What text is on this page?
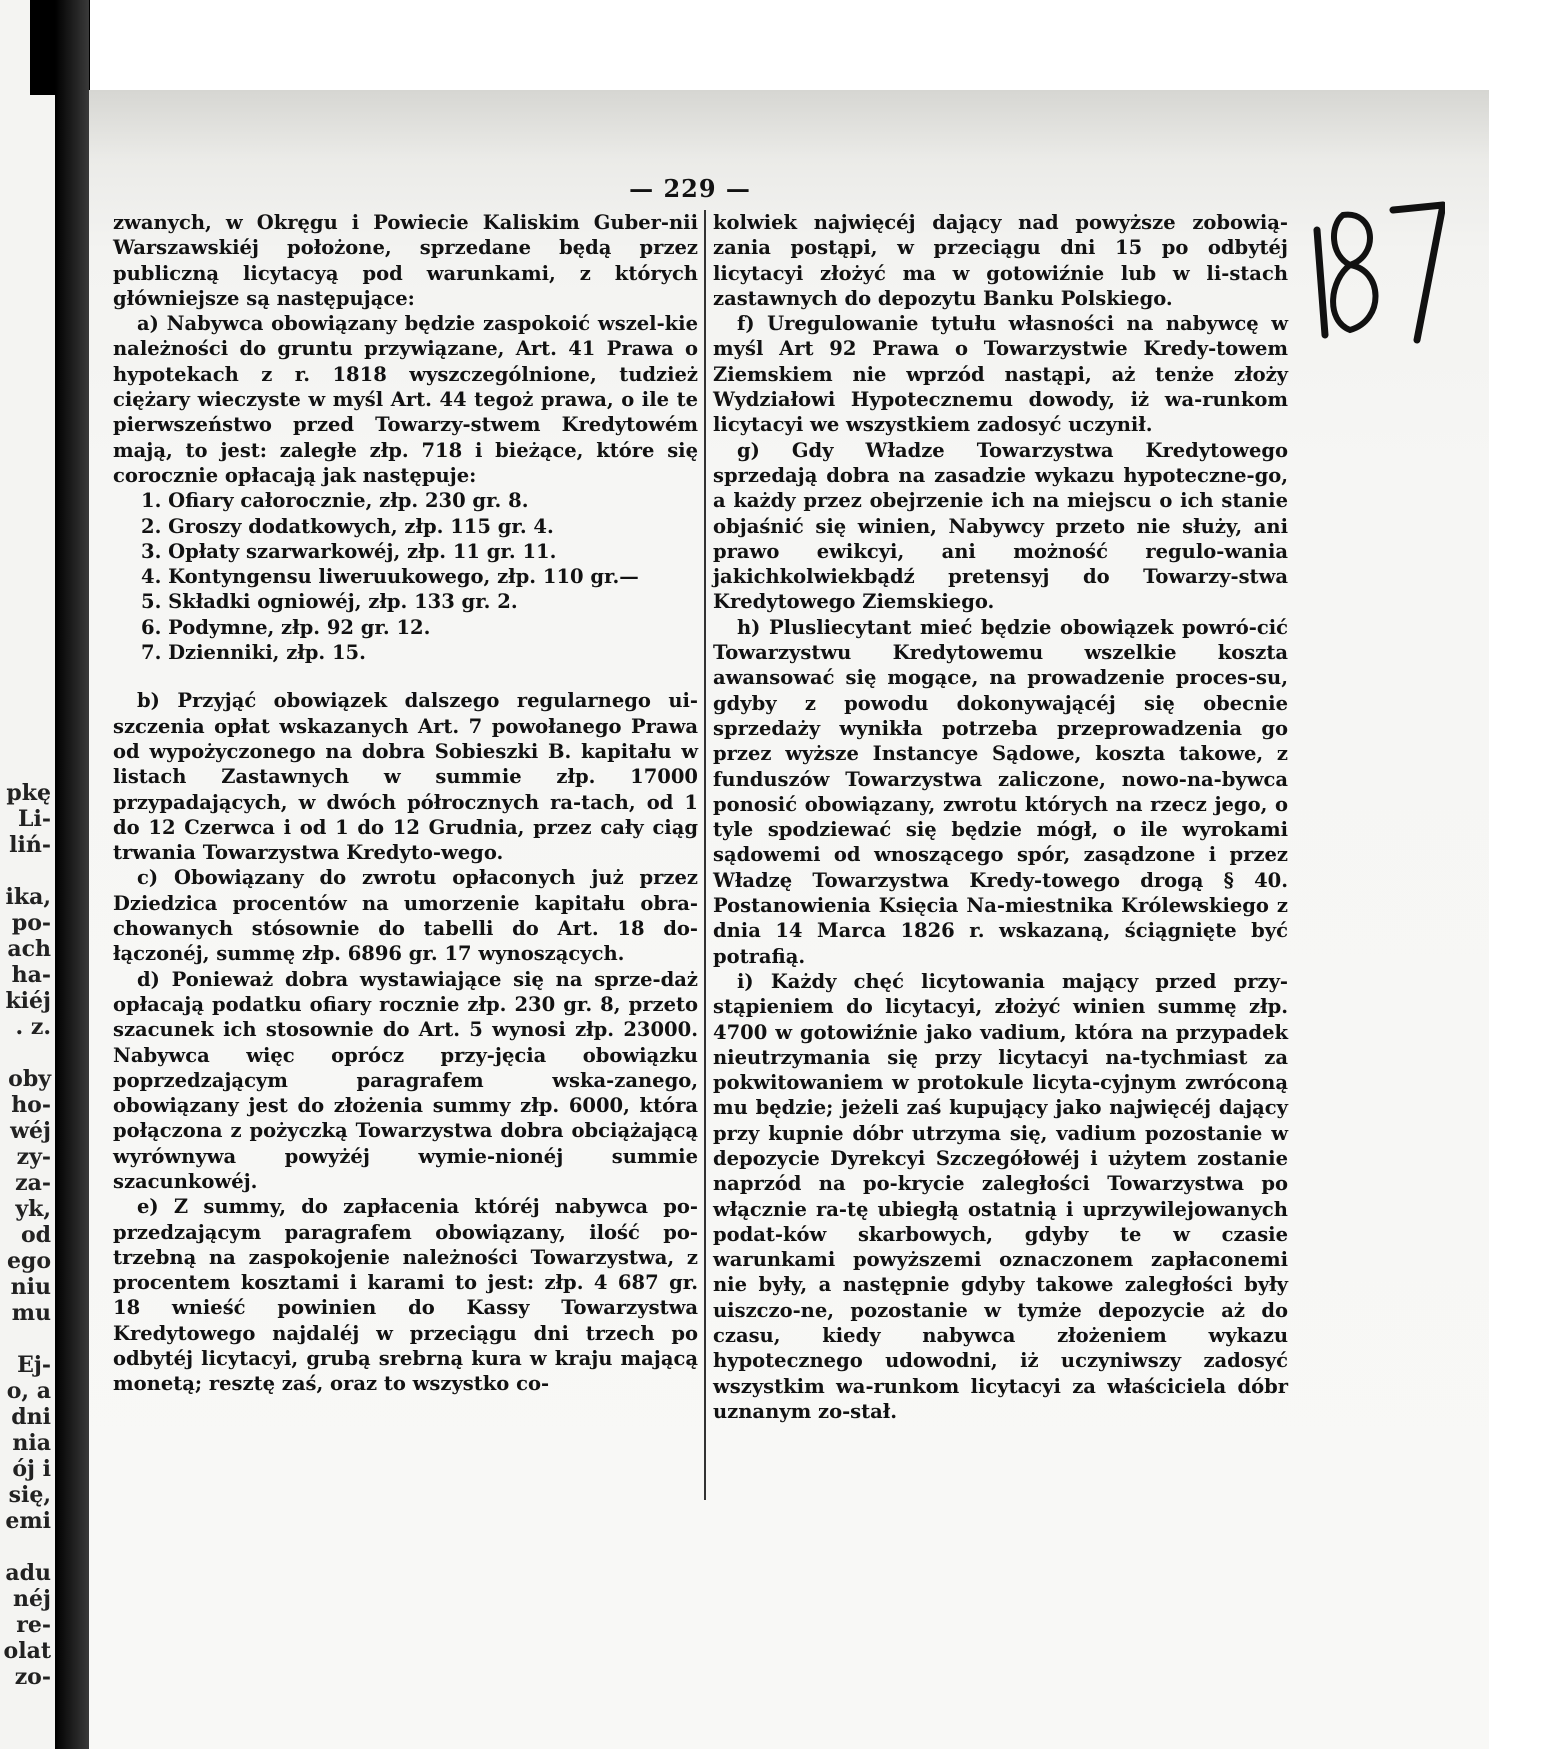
pkę
Li-
liń-
ika,
po-
ach
ha-
kiéj
. z.
oby
ho-
wéj
zy-
za-
yk,
od
ego
niu
mu
Ej-
o, a
dni
nia
ój i
się,
emi
adu
néj
re-
olat
zo-
— 229 —

zwanych, w Okręgu i Powiecie Kaliskim Guber-nii Warszawskiéj położone, sprzedane będą przez publiczną licytacyą pod warunkami, z których główniejsze są następujące:

a) Nabywca obowiązany będzie zaspokoić wszel-kie należności do gruntu przywiązane, Art. 41 Prawa o hypotekach z r. 1818 wyszczególnione, tudzież ciężary wieczyste w myśl Art. 44 tegoż prawa, o ile te pierwszeństwo przed Towarzy-stwem Kredytowém mają, to jest: zaległe złp. 718 i bieżące, które się corocznie opłacają jak następuje:

1. Ofiary całorocznie, złp. 230 gr. 8.

2. Groszy dodatkowych, złp. 115 gr. 4.

3. Opłaty szarwarkowéj, złp. 11 gr. 11.

4. Kontyngensu liweruukowego, złp. 110 gr.—

5. Składki ogniowéj, złp. 133 gr. 2.

6. Podymne, złp. 92 gr. 12.

7. Dzienniki, złp. 15.

b) Przyjąć obowiązek dalszego regularnego ui-szczenia opłat wskazanych Art. 7 powołanego Prawa od wypożyczonego na dobra Sobieszki B. kapitału w listach Zastawnych w summie złp. 17000 przypadających, w dwóch półrocznych ra-tach, od 1 do 12 Czerwca i od 1 do 12 Grudnia, przez cały ciąg trwania Towarzystwa Kredyto-wego.

c) Obowiązany do zwrotu opłaconych już przez Dziedzica procentów na umorzenie kapitału obra-chowanych stósownie do tabelli do Art. 18 do-łączonéj, summę złp. 6896 gr. 17 wynoszących.

d) Ponieważ dobra wystawiające się na sprze-daż opłacają podatku ofiary rocznie złp. 230 gr. 8, przeto szacunek ich stosownie do Art. 5 wynosi złp. 23000. Nabywca więc oprócz przy-jęcia obowiązku poprzedzającym paragrafem wska-zanego, obowiązany jest do złożenia summy złp. 6000, która połączona z pożyczką Towarzystwa dobra obciążającą wyrównywa powyżéj wymie-nionéj summie szacunkowéj.

e) Z summy, do zapłacenia któréj nabywca po-przedzającym paragrafem obowiązany, ilość po-trzebną na zaspokojenie należności Towarzystwa, z procentem kosztami i karami to jest: złp. 4 687 gr. 18 wnieść powinien do Kassy Towarzystwa Kredytowego najdaléj w przeciągu dni trzech po odbytéj licytacyi, grubą srebrną kura w kraju mającą monetą; resztę zaś, oraz to wszystko co-

kolwiek najwięcéj dający nad powyższe zobowią-zania postąpi, w przeciągu dni 15 po odbytéj licytacyi złożyć ma w gotowiźnie lub w li-stach zastawnych do depozytu Banku Polskiego.

f) Uregulowanie tytułu własności na nabywcę w myśl Art 92 Prawa o Towarzystwie Kredy-towem Ziemskiem nie wprzód nastąpi, aż tenże złoży Wydziałowi Hypotecznemu dowody, iż wa-runkom licytacyi we wszystkiem zadosyć uczynił.

g) Gdy Władze Towarzystwa Kredytowego sprzedają dobra na zasadzie wykazu hypoteczne-go, a każdy przez obejrzenie ich na miejscu o ich stanie objaśnić się winien, Nabywcy przeto nie służy, ani prawo ewikcyi, ani możność regulo-wania jakichkolwiekbądź pretensyj do Towarzy-stwa Kredytowego Ziemskiego.

h) Plusliecytant mieć będzie obowiązek powró-cić Towarzystwu Kredytowemu wszelkie koszta awansować się mogące, na prowadzenie proces-su, gdyby z powodu dokonywającéj się obecnie sprzedaży wynikła potrzeba przeprowadzenia go przez wyższe Instancye Sądowe, koszta takowe, z funduszów Towarzystwa zaliczone, nowo-na-bywca ponosić obowiązany, zwrotu których na rzecz jego, o tyle spodziewać się będzie mógł, o ile wyrokami sądowemi od wnoszącego spór, zasądzone i przez Władzę Towarzystwa Kredy-towego drogą § 40. Postanowienia Księcia Na-miestnika Królewskiego z dnia 14 Marca 1826 r. wskazaną, ściągnięte być potrafią.

i) Każdy chęć licytowania mający przed przy-stąpieniem do licytacyi, złożyć winien summę złp. 4700 w gotowiźnie jako vadium, która na przypadek nieutrzymania się przy licytacyi na-tychmiast za pokwitowaniem w protokule licyta-cyjnym zwróconą mu będzie; jeżeli zaś kupujący jako najwięcéj dający przy kupnie dóbr utrzyma się, vadium pozostanie w depozycie Dyrekcyi Szczegółowéj i użytem zostanie naprzód na po-krycie zaległości Towarzystwa po włącznie ra-tę ubiegłą ostatnią i uprzywilejowanych podat-ków skarbowych, gdyby te w czasie warunkami powyższemi oznaczonem zapłaconemi nie były, a następnie gdyby takowe zaległości były uiszczo-ne, pozostanie w tymże depozycie aż do czasu, kiedy nabywca złożeniem wykazu hypotecznego udowodni, iż uczyniwszy zadosyć wszystkim wa-runkom licytacyi za właściciela dóbr uznanym zo-stał.
